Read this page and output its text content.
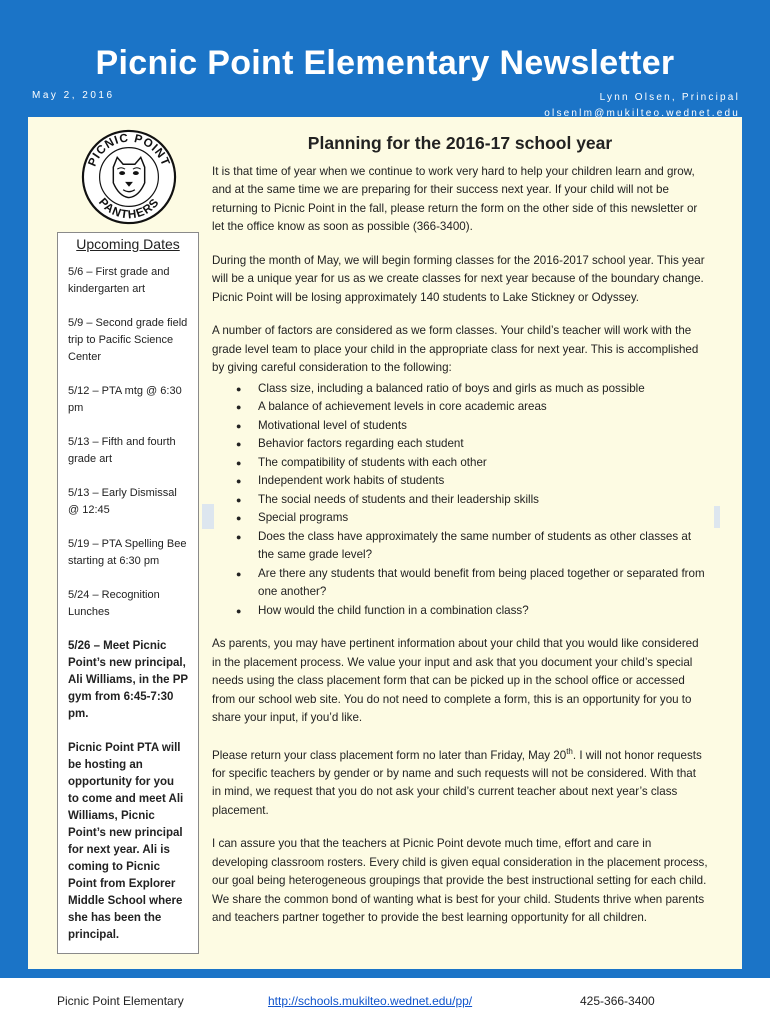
Picnic Point Elementary Newsletter
May 2, 2016	Lynn Olsen, Principal
olsenlm@mukilteo.wednet.edu
PICNIC POINT
PANTHERS
Upcoming Dates
5/6 – First grade and kindergarten art
5/9 – Second grade field trip to Pacific Science Center
5/12 – PTA mtg @ 6:30 pm
5/13 – Fifth and fourth grade art
5/13 – Early Dismissal @ 12:45
5/19 – PTA Spelling Bee starting at 6:30 pm
5/24 – Recognition Lunches
5/26 – Meet Picnic Point’s new principal, Ali Williams, in the PP gym from 6:45-7:30 pm.
Picnic Point PTA will be hosting an opportunity for you to come and meet Ali Williams, Picnic Point’s new principal for next year. Ali is coming to Picnic Point from Explorer Middle School where she has been the principal.
Planning for the 2016-17 school year

It is that time of year when we continue to work very hard to help your children learn and grow, and at the same time we are preparing for their success next year. If your child will not be returning to Picnic Point in the fall, please return the form on the other side of this newsletter or let the office know as soon as possible (366-3400).

During the month of May, we will begin forming classes for the 2016-2017 school year. This year will be a unique year for us as we create classes for next year because of the boundary change. Picnic Point will be losing approximately 140 students to Lake Stickney or Odyssey.

A number of factors are considered as we form classes. Your child’s teacher will work with the grade level team to place your child in the appropriate class for next year. This is accomplished by giving careful consideration to the following:

● Class size, including a balanced ratio of boys and girls as much as possible
● A balance of achievement levels in core academic areas
● Motivational level of students
● Behavior factors regarding each student
● The compatibility of students with each other
● Independent work habits of students
● The social needs of students and their leadership skills
● Special programs
● Does the class have approximately the same number of students as other classes at the same grade level?
● Are there any students that would benefit from being placed together or separated from one another?
● How would the child function in a combination class?

As parents, you may have pertinent information about your child that you would like considered in the placement process. We value your input and ask that you document your child’s special needs using the class placement form that can be picked up in the school office or accessed from our school web site. You do not need to complete a form, this is an opportunity for you to share your input, if you’d like.

Please return your class placement form no later than Friday, May 20th. I will not honor requests for specific teachers by gender or by name and such requests will not be considered. With that in mind, we request that you do not ask your child’s current teacher about next year’s class placement.

I can assure you that the teachers at Picnic Point devote much time, effort and care in developing classroom rosters. Every child is given equal consideration in the placement process, our goal being heterogeneous groupings that provide the best instructional setting for each child. We share the common bond of wanting what is best for your child. Students thrive when parents and teachers partner together to provide the best learning opportunity for all children.

Picnic Point Elementary	http://schools.mukilteo.wednet.edu/pp/	425-366-3400
